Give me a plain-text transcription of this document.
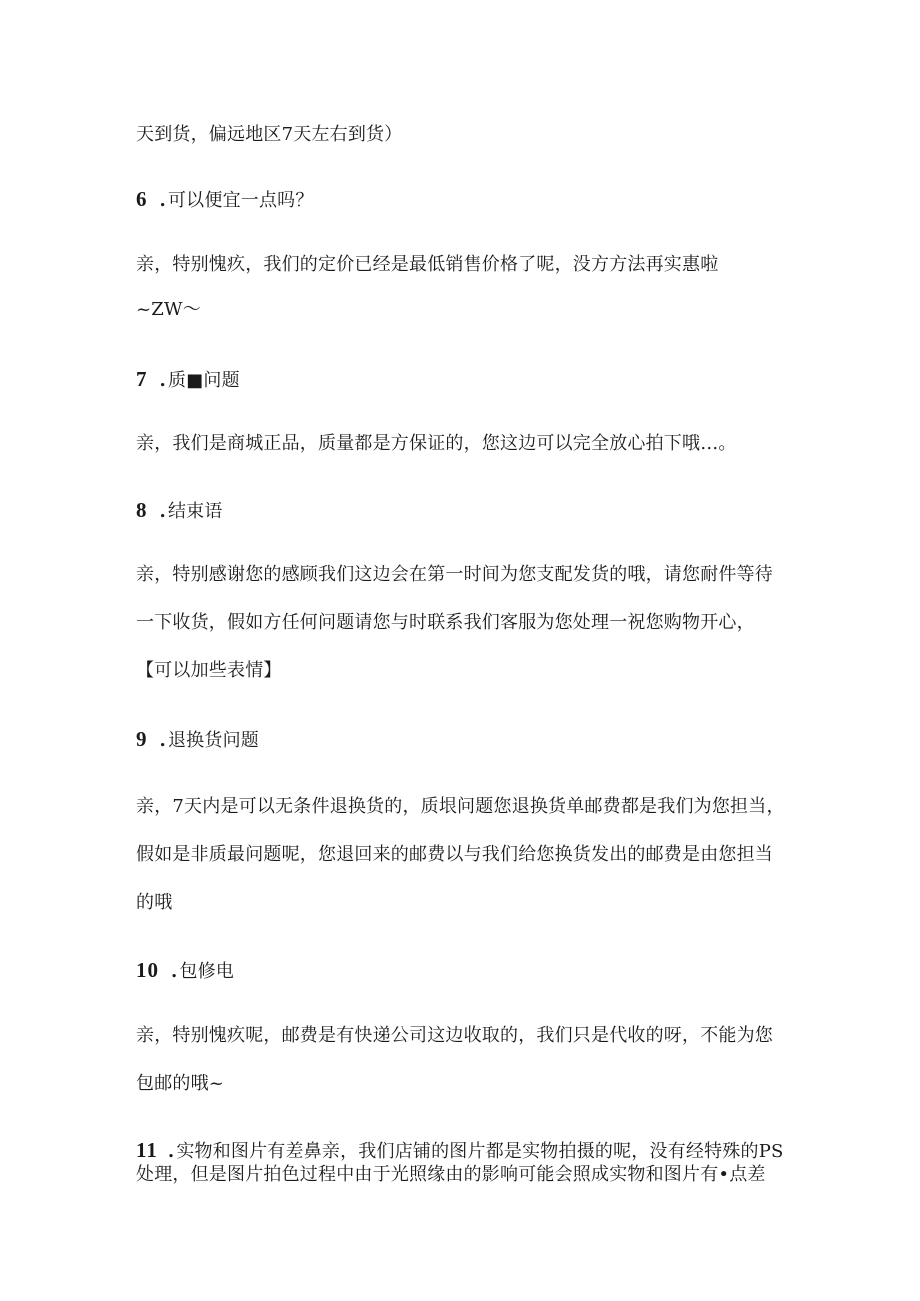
天到货，偏远地区7天左右到货）
6 . 可以便宜一点吗？
亲，特别愧疚，我们的定价已经是最低销售价格了呢，没方方法再实惠啦
~ZW～
7 . 质■问题
亲，我们是商城正品，质量都是方保证的，您这边可以完全放心拍下哦…。
8 . 结束语
亲，特别感谢您的感顾我们这边会在第一时间为您支配发货的哦，请您耐件等待
一下收货，假如方任何问题请您与时联系我们客服为您处理一祝您购物开心，
【可以加些表情】
9 . 退换货问题
亲，7天内是可以无条件退换货的，质垠问题您退换货单邮费都是我们为您担当，
假如是非质最问题呢，您退回来的邮费以与我们给您换货发出的邮费是由您担当
的哦
10 . 包修电
亲，特别愧疚呢，邮费是有快递公司这边收取的，我们只是代收的呀，不能为您
包邮的哦~
11 . 实物和图片有差鼻亲，我们店铺的图片都是实物拍摄的呢，没有经特殊的PS
处理，但是图片拍色过程中由于光照缘由的影响可能会照成实物和图片有•点差
